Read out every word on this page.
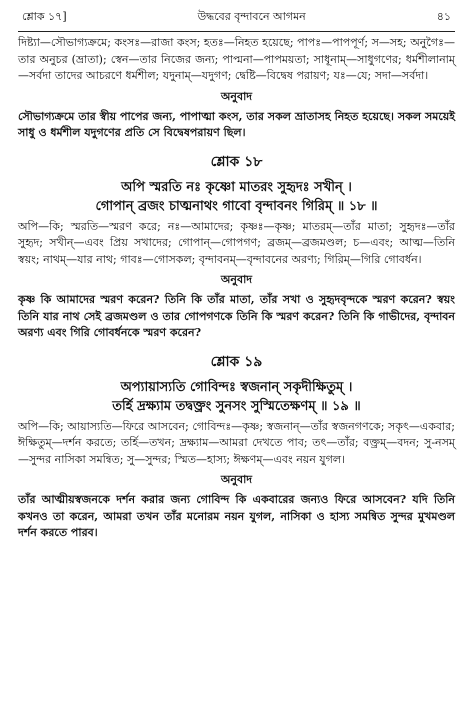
শ্লোক ১৭]	উদ্ধবের বৃন্দাবনে আগমন	৪১

দিষ্ট্যা—সৌভাগ্যক্রমে; কংসঃ—রাজা কংস; হতঃ—নিহত হয়েছে; পাপঃ—পাপপূর্ণ; স—সহ; অনুগৈঃ—তার অনুচর (ভ্রাতা); স্বেন—তার নিজের জন্য; পাপ্মনা—পাপময়তা; সাধূনাম্—সাধুগণের; ধর্মশীলানাম্—সর্বদা তাদের আচরণে ধর্মশীল; যদুনাম্—যদুগণ; দ্বেষ্টি—বিদ্বেষ পরায়ণ; যঃ—যে; সদা—সর্বদা।

অনুবাদ

সৌভাগ্যক্রমে তার স্বীয় পাপের জন্য, পাপাত্মা কংস, তার সকল ভ্রাতাসহ নিহত হয়েছে। সকল সময়েই সাধু ও ধর্মশীল যদুগণের প্রতি সে বিদ্বেষপরায়ণ ছিল।

শ্লোক ১৮
অপি স্মরতি নঃ কৃষ্ণো মাতরং সুহৃদঃ সখীন্ ।
গোপান্ ব্রজং চাত্মনাথং গাবো বৃন্দাবনং গিরিম্ ॥ ১৮ ॥

অপি—কি; স্মরতি—স্মরণ করে; নঃ—আমাদের; কৃষ্ণঃ—কৃষ্ণ; মাতরম্—তাঁর মাতা; সুহৃদঃ—তাঁর সুহৃদ; সখীন্—এবং প্রিয় সখাদের; গোপান্—গোপগণ; ব্রজম্—ব্রজমণ্ডল; চ—এবং; আত্ম—তিনি স্বয়ং; নাথম্—যার নাথ; গাবঃ—গোসকল; বৃন্দাবনম্—বৃন্দাবনের অরণ্য; গিরিম্—গিরি গোবর্ধন।

অনুবাদ

কৃষ্ণ কি আমাদের স্মরণ করেন? তিনি কি তাঁর মাতা, তাঁর সখা ও সুহৃদবৃন্দকে স্মরণ করেন? স্বয়ং তিনি যার নাথ সেই ব্রজমণ্ডল ও তার গোপগণকে তিনি কি স্মরণ করেন? তিনি কি গাভীদের, বৃন্দাবন অরণ্য এবং গিরি গোবর্ধনকে স্মরণ করেন?

শ্লোক ১৯
অপ্যায়াস্যতি গোবিন্দঃ স্বজনান্ সকৃদীক্ষিতুম্ ।
তর্হি দ্রক্ষ্যাম তদ্বক্ত্রং সুনসং সুস্মিতেক্ষণম্ ॥ ১৯ ॥

অপি—কি; আয়াস্যতি—ফিরে আসবেন; গোবিন্দঃ—কৃষ্ণ; স্বজনান্—তাঁর স্বজনগণকে; সকৃৎ—একবার; ঈক্ষিতুম্—দর্শন করতে; তর্হি—তখন; দ্রক্ষ্যাম—আমরা দেখতে পাব; তৎ—তাঁর; বক্ত্রম্—বদন; সু-নসম্—সুন্দর নাসিকা সমন্বিত; সু—সুন্দর; স্মিত—হাস্য; ঈক্ষণম্—এবং নয়ন যুগল।

অনুবাদ

তাঁর আত্মীয়স্বজনকে দর্শন করার জন্য গোবিন্দ কি একবারের জন্যও ফিরে আসবেন? যদি তিনি কখনও তা করেন, আমরা তখন তাঁর মনোরম নয়ন যুগল, নাসিকা ও হাস্য সমন্বিত সুন্দর মুখমণ্ডল দর্শন করতে পারব।
